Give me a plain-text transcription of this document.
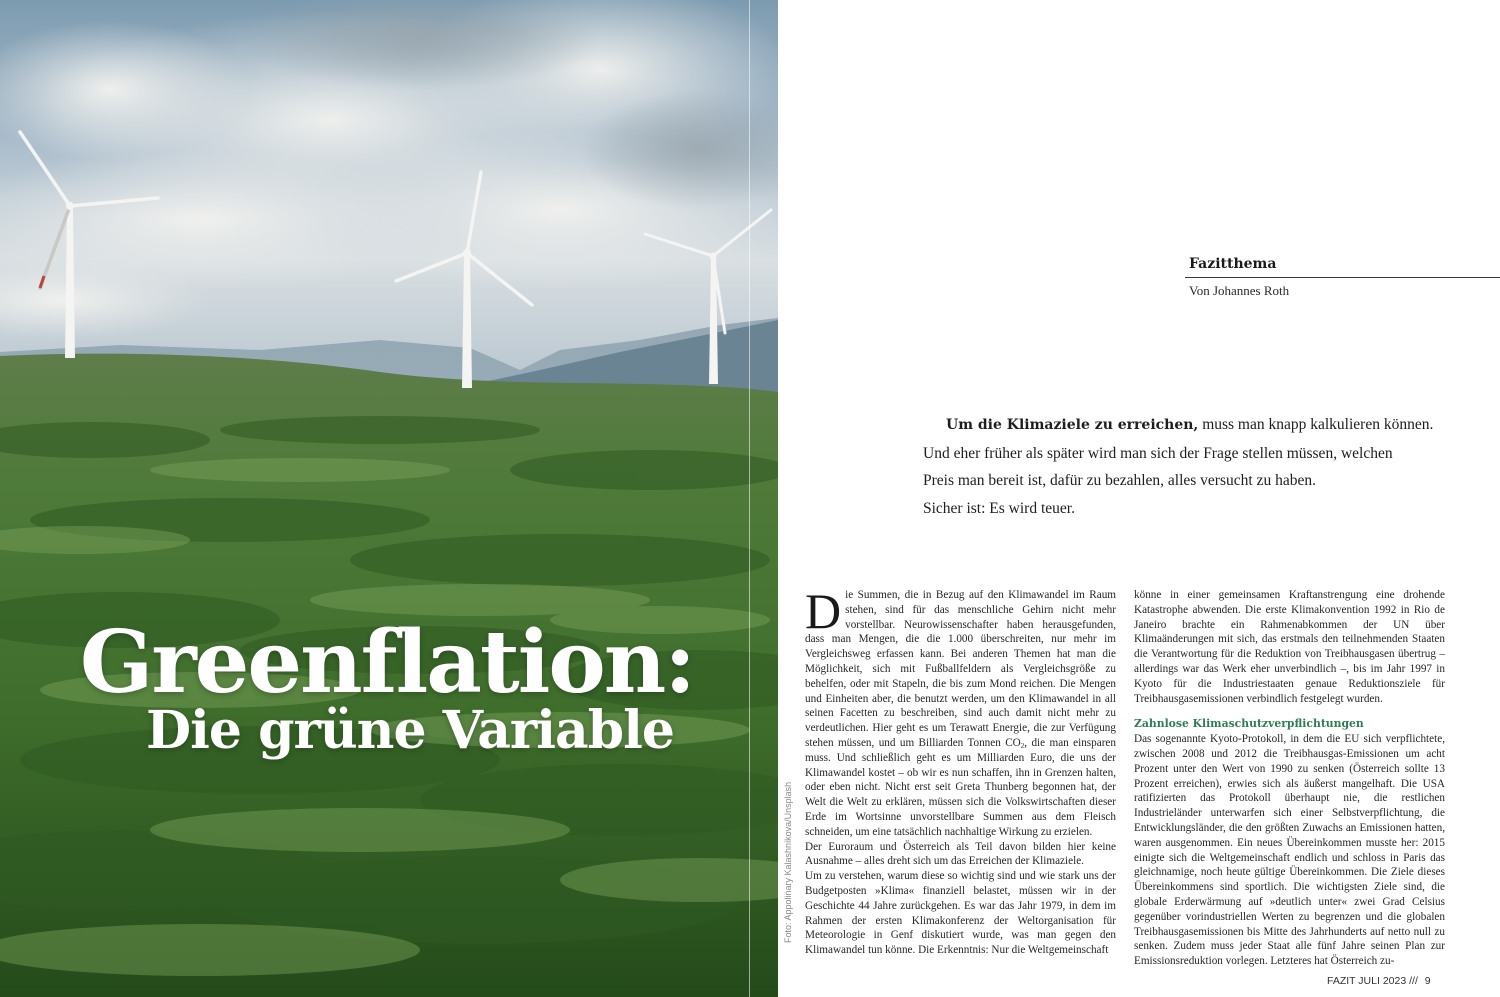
Greenflation:
Die grüne Variable
Foto: Appolinary Kalashnikova/Unsplash
Fazitthema
Von Johannes Roth

Um die Klimaziele zu erreichen, muss man knapp kalkulieren können.

Und eher früher als später wird man sich der Frage stellen müssen, welchen

Preis man bereit ist, dafür zu bezahlen, alles versucht zu haben.

Sicher ist: Es wird teuer.

Die Summen, die in Bezug auf den Klimawandel im Raum stehen, sind für das menschliche Gehirn nicht mehr vorstellbar. Neurowissenschafter haben herausgefunden, dass man Mengen, die die 1.000 überschreiten, nur mehr im Vergleichsweg erfassen kann. Bei anderen Themen hat man die Möglichkeit, sich mit Fußballfeldern als Vergleichsgröße zu behelfen, oder mit Stapeln, die bis zum Mond reichen. Die Mengen und Einheiten aber, die benutzt werden, um den Klimawandel in all seinen Facetten zu beschreiben, sind auch damit nicht mehr zu verdeutlichen. Hier geht es um Terawatt Energie, die zur Verfügung stehen müssen, und um Billiarden Tonnen $CO_2$, die man einsparen muss. Und schließlich geht es um Milliarden Euro, die uns der Klimawandel kostet – ob wir es nun schaffen, ihn in Grenzen halten, oder eben nicht. Nicht erst seit Greta Thunberg begonnen hat, der Welt die Welt zu erklären, müssen sich die Volkswirtschaften dieser Erde im Wortsinne unvorstellbare Summen aus dem Fleisch schneiden, um eine tatsächlich nachhaltige Wirkung zu erzielen.

Der Euroraum und Österreich als Teil davon bilden hier keine Ausnahme – alles dreht sich um das Erreichen der Klimaziele.

Um zu verstehen, warum diese so wichtig sind und wie stark uns der Budgetposten »Klima« finanziell belastet, müssen wir in der Geschichte 44 Jahre zurückgehen. Es war das Jahr 1979, in dem im Rahmen der ersten Klimakonferenz der Weltorganisation für Meteorologie in Genf diskutiert wurde, was man gegen den Klimawandel tun könne. Die Erkenntnis: Nur die Weltgemeinschaft

könne in einer gemeinsamen Kraftanstrengung eine drohende Katastrophe abwenden. Die erste Klimakonvention 1992 in Rio de Janeiro brachte ein Rahmenabkommen der UN über Klimaänderungen mit sich, das erstmals den teilnehmenden Staaten die Verantwortung für die Reduktion von Treibhausgasen übertrug – allerdings war das Werk eher unverbindlich –, bis im Jahr 1997 in Kyoto für die Industriestaaten genaue Reduktionsziele für Treibhausgasemissionen verbindlich festgelegt wurden.

Zahnlose Klimaschutzverpflichtungen

Das sogenannte Kyoto-Protokoll, in dem die EU sich verpflichtete, zwischen 2008 und 2012 die Treibhausgas-Emissionen um acht Prozent unter den Wert von 1990 zu senken (Österreich sollte 13 Prozent erreichen), erwies sich als äußerst mangelhaft. Die USA ratifizierten das Protokoll überhaupt nie, die restlichen Industrieländer unterwarfen sich einer Selbstverpflichtung, die Entwicklungsländer, die den größten Zuwachs an Emissionen hatten, waren ausgenommen. Ein neues Übereinkommen musste her: 2015 einigte sich die Weltgemeinschaft endlich und schloss in Paris das gleichnamige, noch heute gültige Übereinkommen. Die Ziele dieses Übereinkommens sind sportlich. Die wichtigsten Ziele sind, die globale Erderwärmung auf »deutlich unter« zwei Grad Celsius gegenüber vorindustriellen Werten zu begrenzen und die globalen Treibhausgasemissionen bis Mitte des Jahrhunderts auf netto null zu senken. Zudem muss jeder Staat alle fünf Jahre seinen Plan zur Emissionsreduktion vorlegen. Letzteres hat Österreich zu-

FAZIT JULI 2023 /// 9
